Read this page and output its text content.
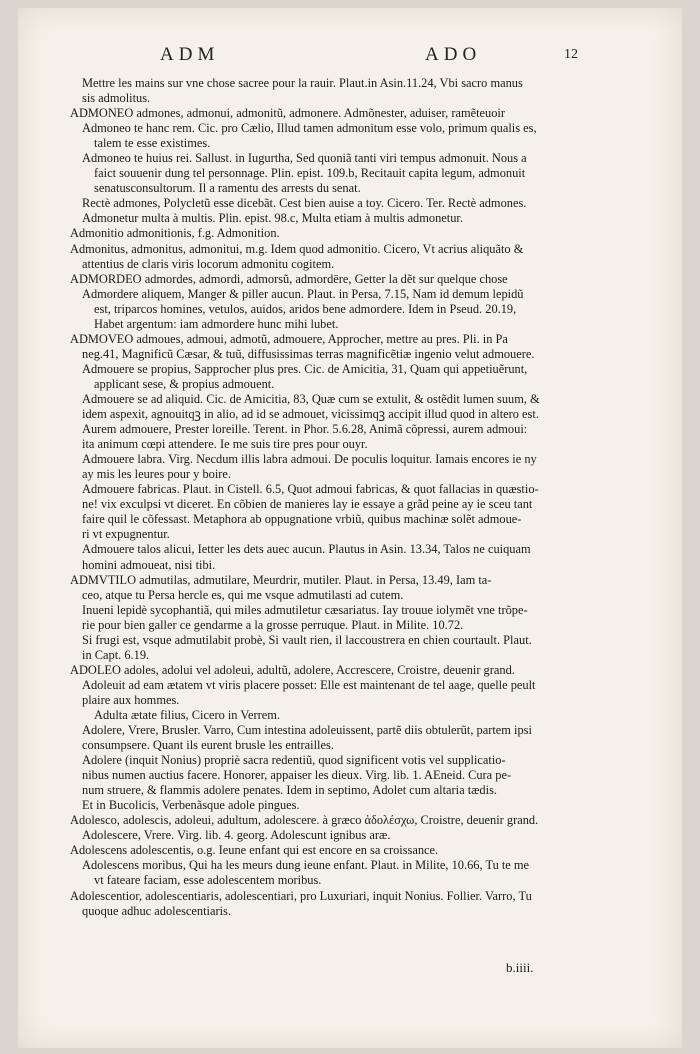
ADM	ADO	12
Mettre les mains sur vne chose sacree pour la rauir. Plaut.in Asin.11.24, Vbi sacro manus
sis admolitus.
ADMONEO admones, admonui, admonitũ, admonere. Admõnester, aduiser, ramẽteuoir
Admoneo te hanc rem. Cic. pro Cælio, Illud tamen admonitum esse volo, primum qualis es,
talem te esse existimes.
Admoneo te huius rei. Sallust. in Iugurtha, Sed quoniã tanti viri tempus admonuit. Nous a
faict souuenir dung tel personnage. Plin. epist. 109.b, Recitauit capita legum, admonuit
senatusconsultorum. Il a ramentu des arrests du senat.
Rectè admones, Polycletũ esse dicebãt. Cest bien auise a toy. Cicero. Ter. Rectè admones.
Admonetur multa à multis. Plin. epist. 98.c, Multa etiam à multis admonetur.
Admonitio admonitionis, f.g. Admonition.
Admonitus, admonitus, admonitui, m.g. Idem quod admonitio. Cicero, Vt acrius aliquãto &
attentius de claris viris locorum admonitu cogitem.
ADMORDEO admordes, admordi, admorsũ, admordēre, Getter la dẽt sur quelque chose
Admordere aliquem, Manger & piller aucun. Plaut. in Persa, 7.15, Nam id demum lepidũ
est, triparcos homines, vetulos, auidos, aridos bene admordere. Idem in Pseud. 20.19,
Habet argentum: iam admordere hunc mihi lubet.
ADMOVEO admoues, admoui, admotũ, admouere, Approcher, mettre au pres. Pli. in Pa
neg.41, Magnificũ Cæsar, & tuũ, diffusissimas terras magnificẽtiæ ingenio velut admouere.
Admouere se propius, Sapprocher plus pres. Cic. de Amicitia, 31, Quam qui appetiuẽrunt,
applicant sese, & propius admouent.
Admouere se ad aliquid. Cic. de Amicitia, 83, Quæ cum se extulit, & ostẽdit lumen suum, &
idem aspexit, agnouitqꝫ in alio, ad id se admouet, vicissimqꝫ accipit illud quod in altero est.
Aurem admouere, Prester loreille. Terent. in Phor. 5.6.28, Animã cõpressi, aurem admoui:
ita animum cœpi attendere. Ie me suis tire pres pour ouyr.
Admouere labra. Virg. Necdum illis labra admoui. De poculis loquitur. Iamais encores ie ny
ay mis les leures pour y boire.
Admouere fabricas. Plaut. in Cistell. 6.5, Quot admoui fabricas, & quot fallacias in quæstio-
ne! vix exculpsi vt diceret. En cõbien de manieres lay ie essaye a grãd peine ay ie sceu tant
faire quil le cõfessast. Metaphora ab oppugnatione vrbiũ, quibus machinæ solẽt admoue-
ri vt expugnentur.
Admouere talos alicui, Ietter les dets auec aucun. Plautus in Asin. 13.34, Talos ne cuiquam
homini admoueat, nisi tibi.
ADMVTILO admutilas, admutilare, Meurdrir, mutiler. Plaut. in Persa, 13.49, Iam ta-
ceo, atque tu Persa hercle es, qui me vsque admutilasti ad cutem.
Inueni lepidè sycophantiã, qui miles admutiletur cæsariatus. Iay trouue iolymẽt vne trõpe-
rie pour bien galler ce gendarme a la grosse perruque. Plaut. in Milite. 10.72.
Si frugi est, vsque admutilabit probè, Si vault rien, il laccoustrera en chien courtault. Plaut.
in Capt. 6.19.
ADOLEO adoles, adolui vel adoleui, adultũ, adolere, Accrescere, Croistre, deuenir grand.
Adoleuit ad eam ætatem vt viris placere posset: Elle est maintenant de tel aage, quelle peult
plaire aux hommes.
Adulta ætate filius, Cicero in Verrem.
Adolere, Vrere, Brusler. Varro, Cum intestina adoleuissent, partẽ diis obtulerũt, partem ipsi
consumpsere. Quant ils eurent brusle les entrailles.
Adolere (inquit Nonius) propriè sacra redentiũ, quod significent votis vel supplicatio-
nibus numen auctius facere. Honorer, appaiser les dieux. Virg. lib. 1. AEneid. Cura pe-
num struere, & flammis adolere penates. Idem in septimo, Adolet cum altaria tædis.
Et in Bucolicis, Verbenãsque adole pingues.
Adolesco, adolescis, adoleui, adultum, adolescere. à græco ἀδολέσχω, Croistre, deuenir grand.
Adolescere, Vrere. Virg. lib. 4. georg. Adolescunt ignibus aræ.
Adolescens adolescentis, o.g. Ieune enfant qui est encore en sa croissance.
Adolescens moribus, Qui ha les meurs dung ieune enfant. Plaut. in Milite, 10.66, Tu te me
vt fateare faciam, esse adolescentem moribus.
Adolescentior, adolescentiaris, adolescentiari, pro Luxuriari, inquit Nonius. Follier. Varro, Tu
quoque adhuc adolescentiaris.
b.iiii.
